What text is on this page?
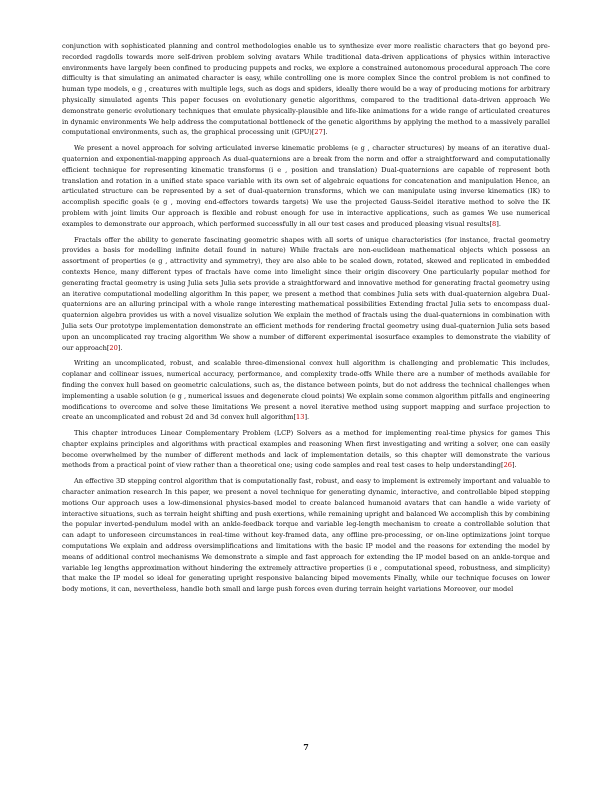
conjunction with sophisticated planning and control methodologies enable us to synthesize ever more realistic characters that go beyond pre-recorded ragdolls towards more self-driven problem solving avatars While traditional data-driven applications of physics within interactive environments have largely been confined to producing puppets and rocks, we explore a constrained autonomous procedural approach The core difficulty is that simulating an animated character is easy, while controlling one is more complex Since the control problem is not confined to human type models, e g , creatures with multiple legs, such as dogs and spiders, ideally there would be a way of producing motions for arbitrary physically simulated agents This paper focuses on evolutionary genetic algorithms, compared to the traditional data-driven approach We demonstrate generic evolutionary techniques that emulate physically-plausible and life-like animations for a wide range of articulated creatures in dynamic environments We help address the computational bottleneck of the genetic algorithms by applying the method to a massively parallel computational environments, such as, the graphical processing unit (GPU)[27].

We present a novel approach for solving articulated inverse kinematic problems (e g , character structures) by means of an iterative dual-quaternion and exponential-mapping approach As dual-quaternions are a break from the norm and offer a straightforward and computationally efficient technique for representing kinematic transforms (i e , position and translation) Dual-quaternions are capable of represent both translation and rotation in a unified state space variable with its own set of algebraic equations for concatenation and manipulation Hence, an articulated structure can be represented by a set of dual-quaternion transforms, which we can manipulate using inverse kinematics (IK) to accomplish specific goals (e g , moving end-effectors towards targets) We use the projected Gauss-Seidel iterative method to solve the IK problem with joint limits Our approach is flexible and robust enough for use in interactive applications, such as games We use numerical examples to demonstrate our approach, which performed successfully in all our test cases and produced pleasing visual results[8].

Fractals offer the ability to generate fascinating geometric shapes with all sorts of unique characteristics (for instance, fractal geometry provides a basis for modelling infinite detail found in nature) While fractals are non-euclidean mathematical objects which possess an assortment of properties (e g , attractivity and symmetry), they are also able to be scaled down, rotated, skewed and replicated in embedded contexts Hence, many different types of fractals have come into limelight since their origin discovery One particularly popular method for generating fractal geometry is using Julia sets Julia sets provide a straightforward and innovative method for generating fractal geometry using an iterative computational modelling algorithm In this paper, we present a method that combines Julia sets with dual-quaternion algebra Dual-quaternions are an alluring principal with a whole range interesting mathematical possibilities Extending fractal Julia sets to encompass dual-quaternion algebra provides us with a novel visualize solution We explain the method of fractals using the dual-quaternions in combination with Julia sets Our prototype implementation demonstrate an efficient methods for rendering fractal geometry using dual-quaternion Julia sets based upon an uncomplicated ray tracing algorithm We show a number of different experimental isosurface examples to demonstrate the viability of our approach[20].

Writing an uncomplicated, robust, and scalable three-dimensional convex hull algorithm is challenging and problematic This includes, coplanar and collinear issues, numerical accuracy, performance, and complexity trade-offs While there are a number of methods available for finding the convex hull based on geometric calculations, such as, the distance between points, but do not address the technical challenges when implementing a usable solution (e g , numerical issues and degenerate cloud points) We explain some common algorithm pitfalls and engineering modifications to overcome and solve these limitations We present a novel iterative method using support mapping and surface projection to create an uncomplicated and robust 2d and 3d convex hull algorithm[13].

This chapter introduces Linear Complementary Problem (LCP) Solvers as a method for implementing real-time physics for games This chapter explains principles and algorithms with practical examples and reasoning When first investigating and writing a solver, one can easily become overwhelmed by the number of different methods and lack of implementation details, so this chapter will demonstrate the various methods from a practical point of view rather than a theoretical one; using code samples and real test cases to help understanding[26].

An effective 3D stepping control algorithm that is computationally fast, robust, and easy to implement is extremely important and valuable to character animation research In this paper, we present a novel technique for generating dynamic, interactive, and controllable biped stepping motions Our approach uses a low-dimensional physics-based model to create balanced humanoid avatars that can handle a wide variety of interactive situations, such as terrain height shifting and push exertions, while remaining upright and balanced We accomplish this by combining the popular inverted-pendulum model with an ankle-feedback torque and variable leg-length mechanism to create a controllable solution that can adapt to unforeseen circumstances in real-time without key-framed data, any offline pre-processing, or on-line optimizations joint torque computations We explain and address oversimplifications and limitations with the basic IP model and the reasons for extending the model by means of additional control mechanisms We demonstrate a simple and fast approach for extending the IP model based on an ankle-torque and variable leg lengths approximation without hindering the extremely attractive properties (i e , computational speed, robustness, and simplicity) that make the IP model so ideal for generating upright responsive balancing biped movements Finally, while our technique focuses on lower body motions, it can, nevertheless, handle both small and large push forces even during terrain height variations Moreover, our model

7
